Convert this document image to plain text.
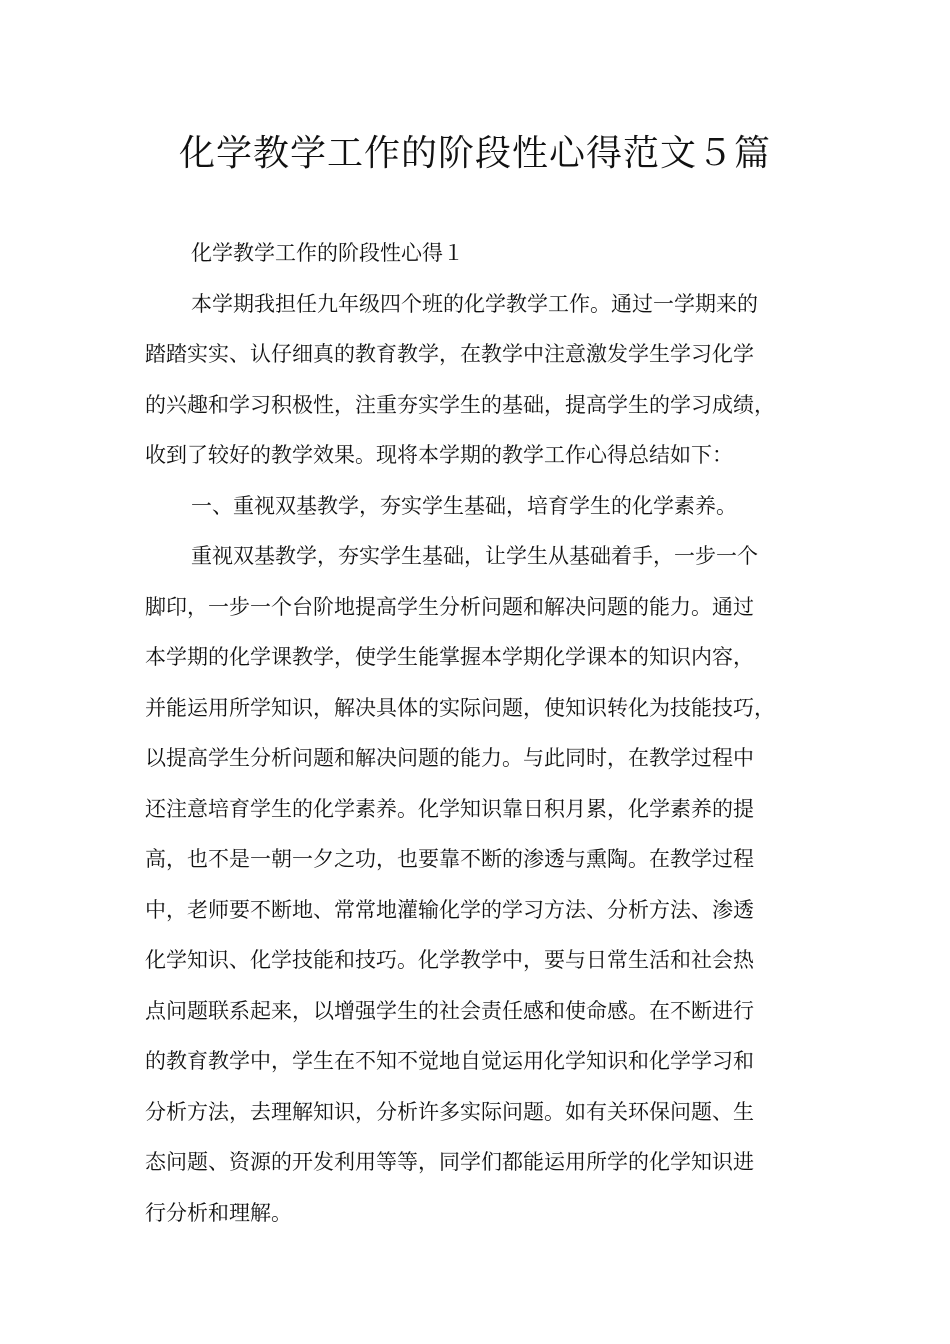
化学教学工作的阶段性心得范文５篇
化学教学工作的阶段性心得１
本学期我担任九年级四个班的化学教学工作。通过一学期来的
踏踏实实、认仔细真的教育教学，在教学中注意激发学生学习化学
的兴趣和学习积极性，注重夯实学生的基础，提高学生的学习成绩，
收到了较好的教学效果。现将本学期的教学工作心得总结如下：
一、重视双基教学，夯实学生基础，培育学生的化学素养。
重视双基教学，夯实学生基础，让学生从基础着手，一步一个
脚印，一步一个台阶地提高学生分析问题和解决问题的能力。通过
本学期的化学课教学，使学生能掌握本学期化学课本的知识内容，
并能运用所学知识，解决具体的实际问题，使知识转化为技能技巧，
以提高学生分析问题和解决问题的能力。与此同时，在教学过程中
还注意培育学生的化学素养。化学知识靠日积月累，化学素养的提
高，也不是一朝一夕之功，也要靠不断的渗透与熏陶。在教学过程
中，老师要不断地、常常地灌输化学的学习方法、分析方法、渗透
化学知识、化学技能和技巧。化学教学中，要与日常生活和社会热
点问题联系起来，以增强学生的社会责任感和使命感。在不断进行
的教育教学中，学生在不知不觉地自觉运用化学知识和化学学习和
分析方法，去理解知识，分析许多实际问题。如有关环保问题、生
态问题、资源的开发利用等等，同学们都能运用所学的化学知识进
行分析和理解。
